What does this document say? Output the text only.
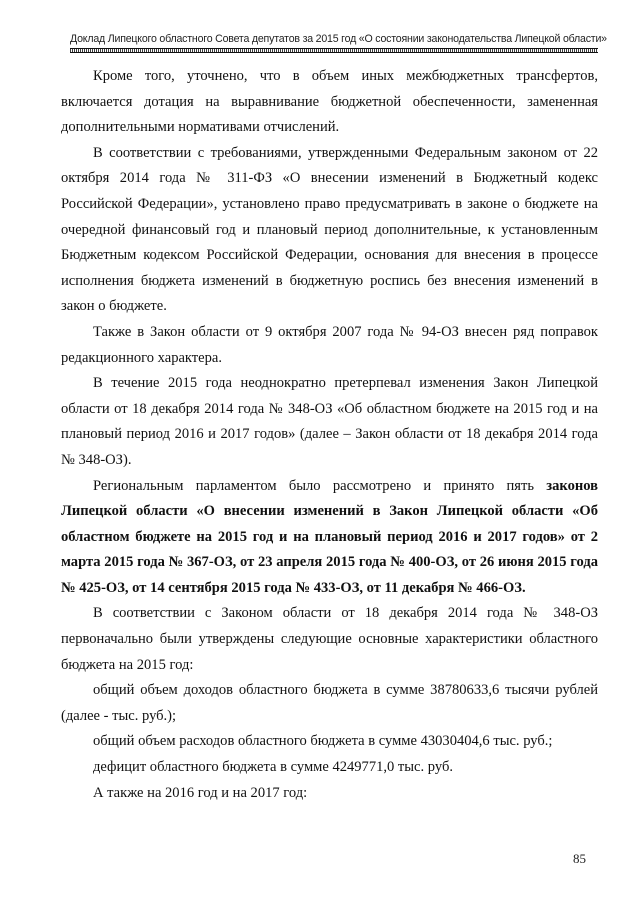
Доклад Липецкого областного Совета депутатов за 2015 год «О состоянии законодательства Липецкой области»

Кроме того, уточнено, что в объем иных межбюджетных трансфертов, включается дотация на выравнивание бюджетной обеспеченности, замененная дополнительными нормативами отчислений.

В соответствии с требованиями, утвержденными Федеральным законом от 22 октября 2014 года № 311-ФЗ «О внесении изменений в Бюджетный кодекс Российской Федерации», установлено право предусматривать в законе о бюджете на очередной финансовый год и плановый период дополнительные, к установленным Бюджетным кодексом Российской Федерации, основания для внесения в процессе исполнения бюджета изменений в бюджетную роспись без внесения изменений в закон о бюджете.

Также в Закон области от 9 октября 2007 года № 94-ОЗ внесен ряд поправок редакционного характера.

В течение 2015 года неоднократно претерпевал изменения Закон Липецкой области от 18 декабря 2014 года № 348-ОЗ «Об областном бюджете на 2015 год и на плановый период 2016 и 2017 годов» (далее – Закон области от 18 декабря 2014 года № 348-ОЗ).

Региональным парламентом было рассмотрено и принято пять законов Липецкой области «О внесении изменений в Закон Липецкой области «Об областном бюджете на 2015 год и на плановый период 2016 и 2017 годов» от 2 марта 2015 года № 367-ОЗ, от 23 апреля 2015 года № 400-ОЗ, от 26 июня 2015 года № 425-ОЗ, от 14 сентября 2015 года № 433-ОЗ, от 11 декабря № 466-ОЗ.

В соответствии с Законом области от 18 декабря 2014 года № 348-ОЗ первоначально были утверждены следующие основные характеристики областного бюджета на 2015 год:

общий объем доходов областного бюджета в сумме 38780633,6 тысячи рублей (далее - тыс. руб.);

общий объем расходов областного бюджета в сумме 43030404,6 тыс. руб.;

дефицит областного бюджета в сумме 4249771,0 тыс. руб.

А также на 2016 год и на 2017 год:

85
